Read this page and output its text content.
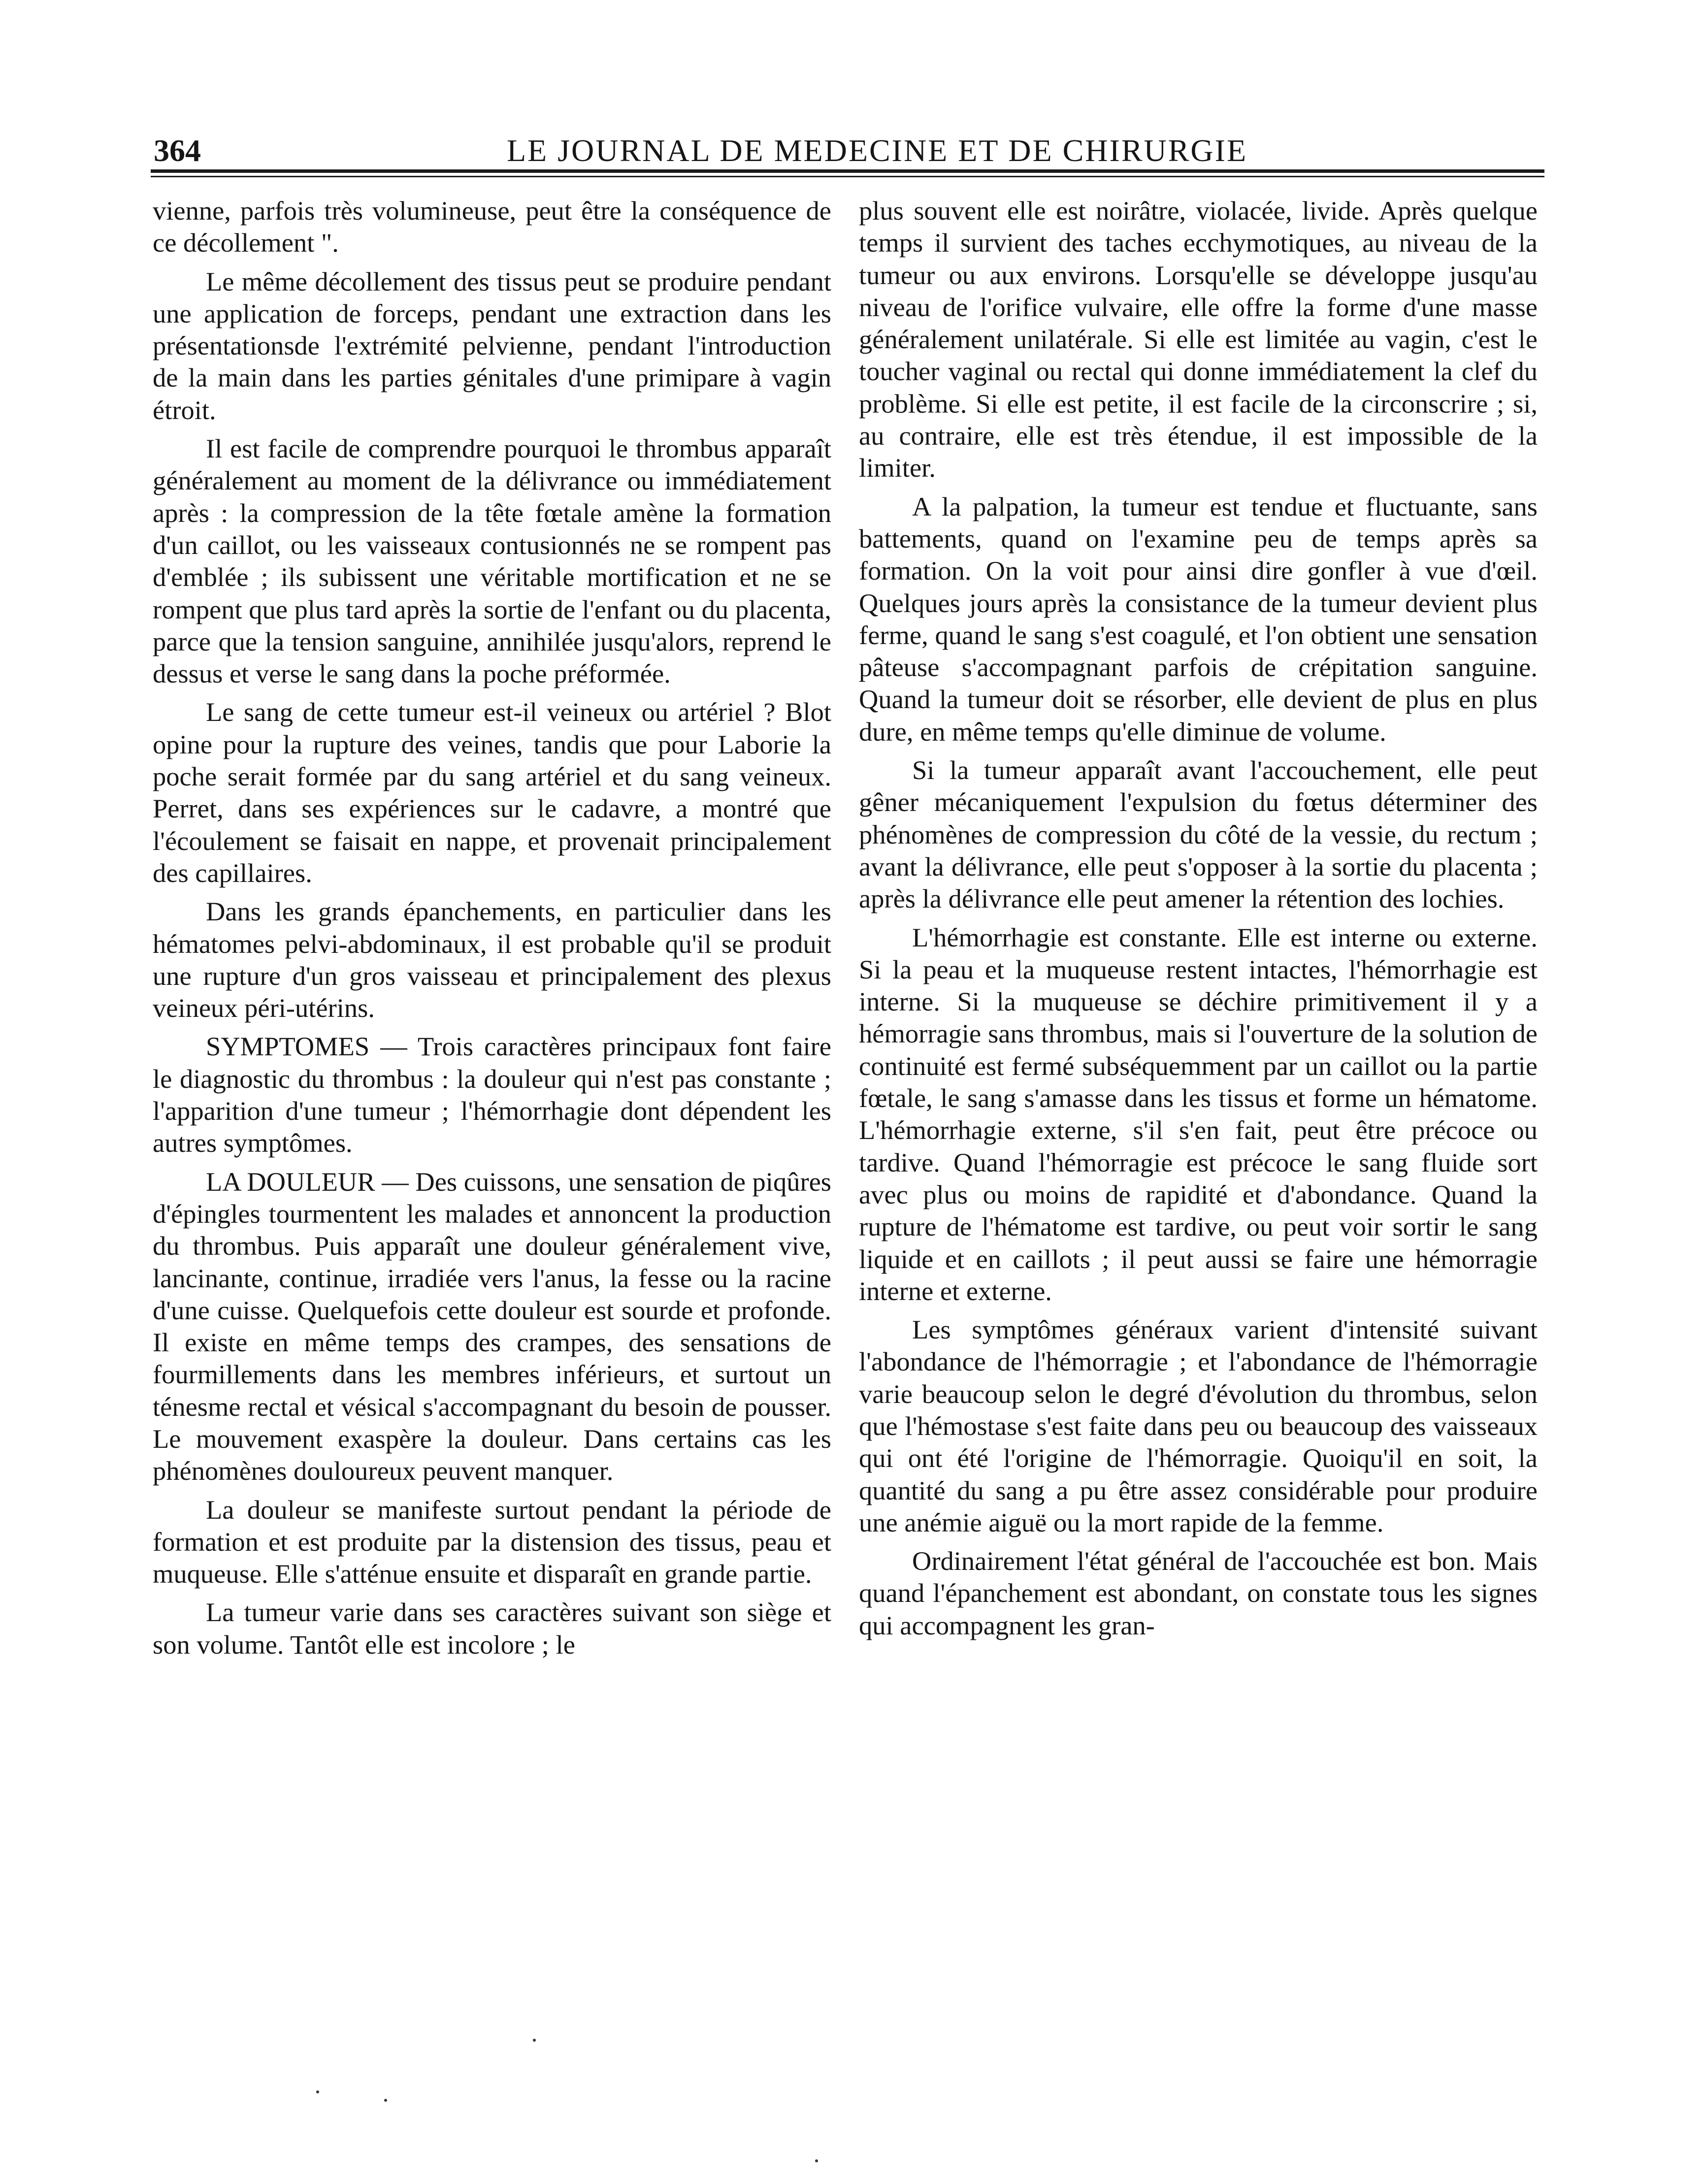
364	LE JOURNAL DE MEDECINE ET DE CHIRURGIE

vienne, parfois très volumineuse, peut être la conséquence de ce décollement ".

Le même décollement des tissus peut se produire pendant une application de forceps, pendant une extraction dans les présentationsde l'extrémité pelvienne, pendant l'introduction de la main dans les parties génitales d'une primipare à vagin étroit.

Il est facile de comprendre pourquoi le thrombus apparaît généralement au moment de la délivrance ou immédiatement après : la compression de la tête fœtale amène la formation d'un caillot, ou les vaisseaux contusionnés ne se rompent pas d'emblée ; ils subissent une véritable mortification et ne se rompent que plus tard après la sortie de l'enfant ou du placenta, parce que la tension sanguine, annihilée jusqu'alors, reprend le dessus et verse le sang dans la poche préformée.

Le sang de cette tumeur est-il veineux ou artériel ? Blot opine pour la rupture des veines, tandis que pour Laborie la poche serait formée par du sang artériel et du sang veineux. Perret, dans ses expériences sur le cadavre, a montré que l'écoulement se faisait en nappe, et provenait principalement des capillaires.

Dans les grands épanchements, en particulier dans les hématomes pelvi-abdominaux, il est probable qu'il se produit une rupture d'un gros vaisseau et principalement des plexus veineux péri-utérins.

SYMPTOMES — Trois caractères principaux font faire le diagnostic du thrombus : la douleur qui n'est pas constante ; l'apparition d'une tumeur ; l'hémorrhagie dont dépendent les autres symptômes.

LA DOULEUR — Des cuissons, une sensation de piqûres d'épingles tourmentent les malades et annoncent la production du thrombus. Puis apparaît une douleur généralement vive, lancinante, continue, irradiée vers l'anus, la fesse ou la racine d'une cuisse. Quelquefois cette douleur est sourde et profonde. Il existe en même temps des crampes, des sensations de fourmillements dans les membres inférieurs, et surtout un ténesme rectal et vésical s'accompagnant du besoin de pousser. Le mouvement exaspère la douleur. Dans certains cas les phénomènes douloureux peuvent manquer.

La douleur se manifeste surtout pendant la période de formation et est produite par la distension des tissus, peau et muqueuse. Elle s'atténue ensuite et disparaît en grande partie.

La tumeur varie dans ses caractères suivant son siège et son volume. Tantôt elle est incolore ; le

plus souvent elle est noirâtre, violacée, livide. Après quelque temps il survient des taches ecchymotiques, au niveau de la tumeur ou aux environs. Lorsqu'elle se développe jusqu'au niveau de l'orifice vulvaire, elle offre la forme d'une masse généralement unilatérale. Si elle est limitée au vagin, c'est le toucher vaginal ou rectal qui donne immédiatement la clef du problème. Si elle est petite, il est facile de la circonscrire ; si, au contraire, elle est très étendue, il est impossible de la limiter.

A la palpation, la tumeur est tendue et fluctuante, sans battements, quand on l'examine peu de temps après sa formation. On la voit pour ainsi dire gonfler à vue d'œil. Quelques jours après la consistance de la tumeur devient plus ferme, quand le sang s'est coagulé, et l'on obtient une sensation pâteuse s'accompagnant parfois de crépitation sanguine. Quand la tumeur doit se résorber, elle devient de plus en plus dure, en même temps qu'elle diminue de volume.

Si la tumeur apparaît avant l'accouchement, elle peut gêner mécaniquement l'expulsion du fœtus déterminer des phénomènes de compression du côté de la vessie, du rectum ; avant la délivrance, elle peut s'opposer à la sortie du placenta ; après la délivrance elle peut amener la rétention des lochies.

L'hémorrhagie est constante. Elle est interne ou externe. Si la peau et la muqueuse restent intactes, l'hémorrhagie est interne. Si la muqueuse se déchire primitivement il y a hémorragie sans thrombus, mais si l'ouverture de la solution de continuité est fermé subséquemment par un caillot ou la partie fœtale, le sang s'amasse dans les tissus et forme un hématome. L'hémorrhagie externe, s'il s'en fait, peut être précoce ou tardive. Quand l'hémorragie est précoce le sang fluide sort avec plus ou moins de rapidité et d'abondance. Quand la rupture de l'hématome est tardive, ou peut voir sortir le sang liquide et en caillots ; il peut aussi se faire une hémorragie interne et externe.

Les symptômes généraux varient d'intensité suivant l'abondance de l'hémorragie ; et l'abondance de l'hémorragie varie beaucoup selon le degré d'évolution du thrombus, selon que l'hémostase s'est faite dans peu ou beaucoup des vaisseaux qui ont été l'origine de l'hémorragie. Quoiqu'il en soit, la quantité du sang a pu être assez considérable pour produire une anémie aiguë ou la mort rapide de la femme.

Ordinairement l'état général de l'accouchée est bon. Mais quand l'épanchement est abondant, on constate tous les signes qui accompagnent les gran-
